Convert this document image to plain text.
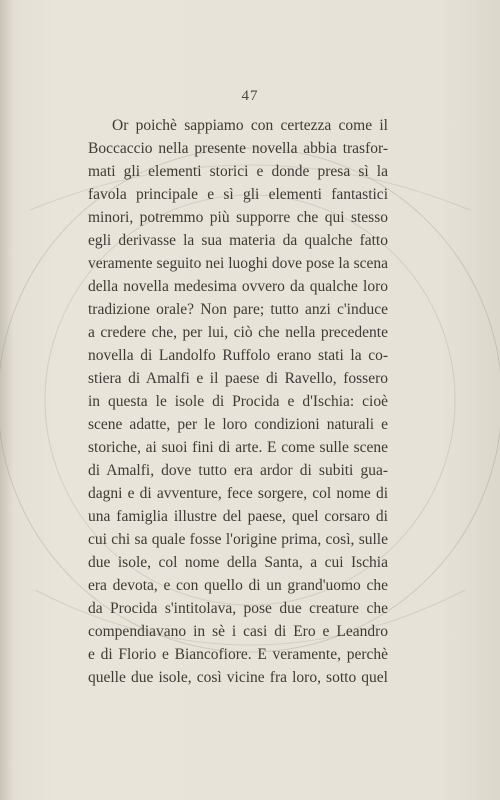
47
Or poichè sappiamo con certezza come il
Boccaccio nella presente novella abbia trasfor-
mati gli elementi storici e donde presa sì la
favola principale e sì gli elementi fantastici
minori, potremmo più supporre che qui stesso
egli derivasse la sua materia da qualche fatto
veramente seguito nei luoghi dove pose la scena
della novella medesima ovvero da qualche loro
tradizione orale? Non pare; tutto anzi c'induce
a credere che, per lui, ciò che nella precedente
novella di Landolfo Ruffolo erano stati la co-
stiera di Amalfi e il paese di Ravello, fossero
in questa le isole di Procida e d'Ischia: cioè
scene adatte, per le loro condizioni naturali e
storiche, ai suoi fini di arte. E come sulle scene
di Amalfi, dove tutto era ardor di subiti gua-
dagni e di avventure, fece sorgere, col nome di
una famiglia illustre del paese, quel corsaro di
cui chi sa quale fosse l'origine prima, così, sulle
due isole, col nome della Santa, a cui Ischia
era devota, e con quello di un grand'uomo che
da Procida s'intitolava, pose due creature che
compendiavano in sè i casi di Ero e Leandro
e di Florio e Biancofiore. E veramente, perchè
quelle due isole, così vicine fra loro, sotto quel
